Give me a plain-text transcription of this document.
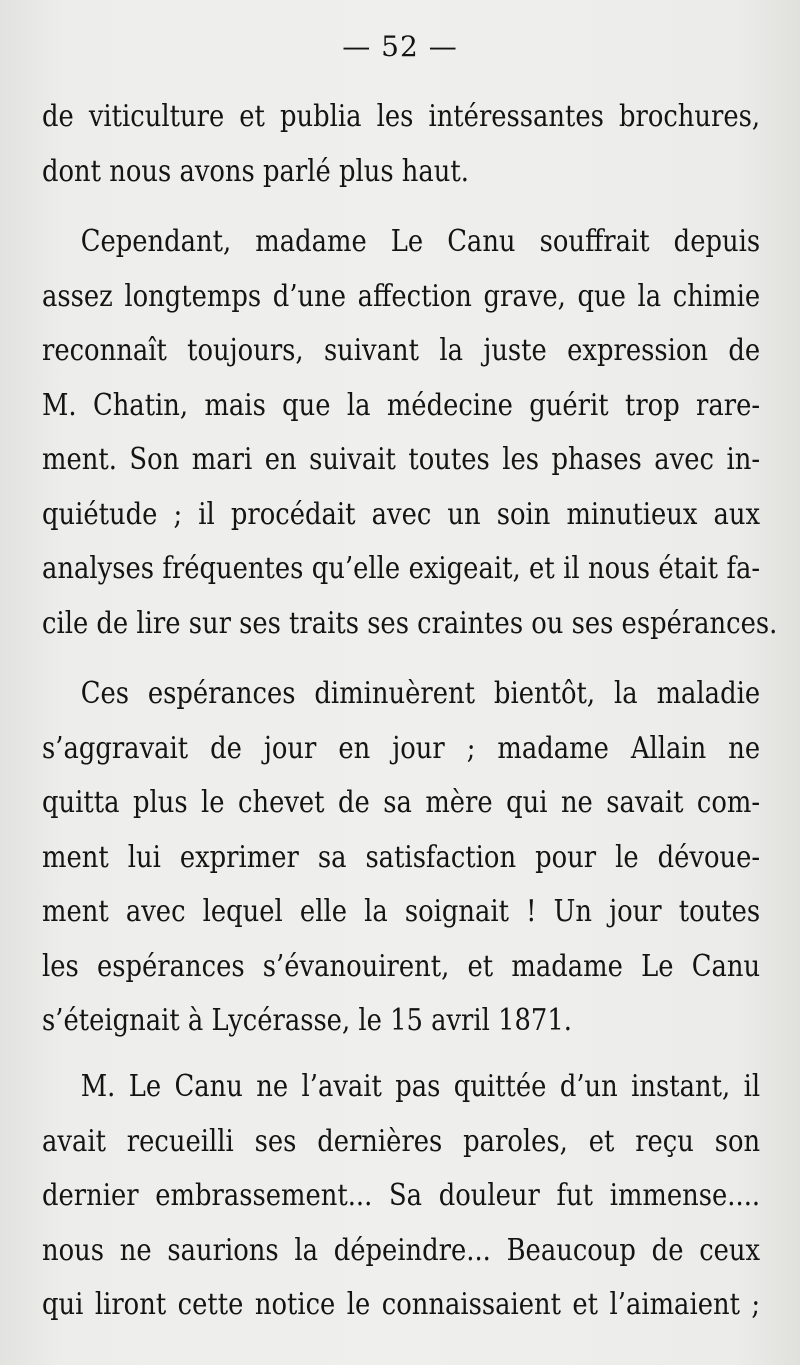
— 52 —
de viticulture et publia les intéressantes brochures,
dont nous avons parlé plus haut.
Cependant, madame Le Canu souffrait depuis
assez longtemps d’une affection grave, que la chimie
reconnaît toujours, suivant la juste expression de
M. Chatin, mais que la médecine guérit trop rare-
ment. Son mari en suivait toutes les phases avec in-
quiétude ; il procédait avec un soin minutieux aux
analyses fréquentes qu’elle exigeait, et il nous était fa-
cile de lire sur ses traits ses craintes ou ses espérances.
Ces espérances diminuèrent bientôt, la maladie
s’aggravait de jour en jour ; madame Allain ne
quitta plus le chevet de sa mère qui ne savait com-
ment lui exprimer sa satisfaction pour le dévoue-
ment avec lequel elle la soignait ! Un jour toutes
les espérances s’évanouirent, et madame Le Canu
s’éteignait à Lycérasse, le 15 avril 1871.
M. Le Canu ne l’avait pas quittée d’un instant, il
avait recueilli ses dernières paroles, et reçu son
dernier embrassement... Sa douleur fut immense....
nous ne saurions la dépeindre... Beaucoup de ceux
qui liront cette notice le connaissaient et l’aimaient ;
